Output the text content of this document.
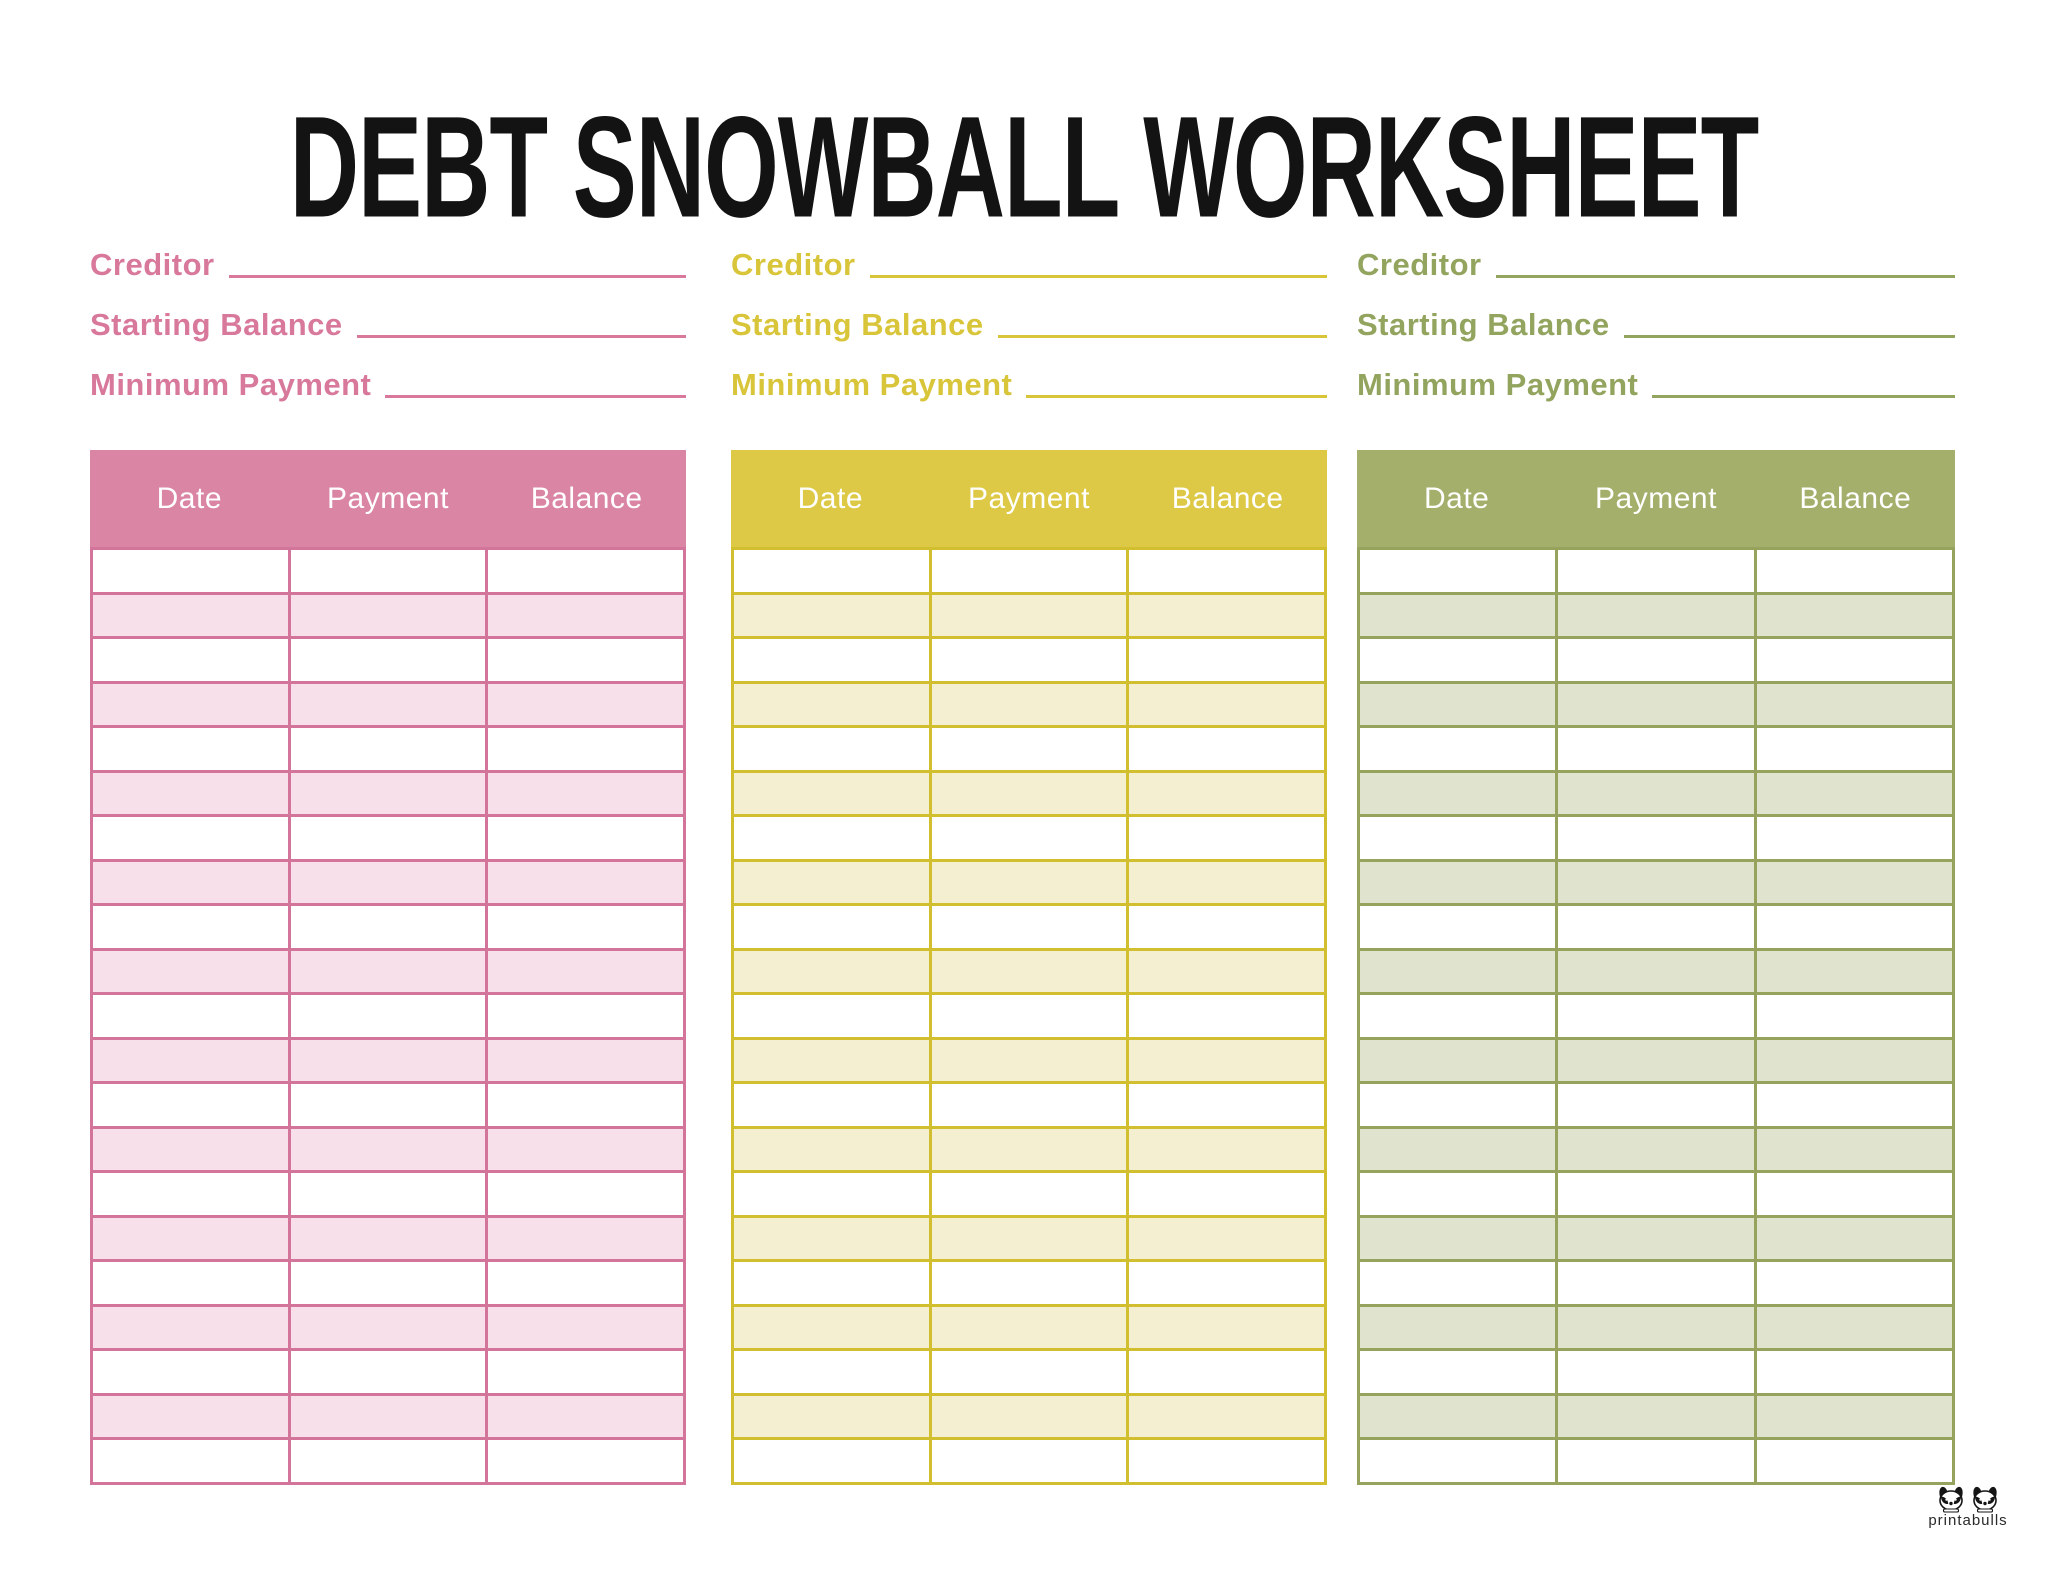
DEBT SNOWBALL WORKSHEET
Creditor
Starting Balance
Minimum Payment
Date	Payment	Balance
Creditor
Starting Balance
Minimum Payment
Date	Payment	Balance
Creditor
Starting Balance
Minimum Payment
Date	Payment	Balance
printabulls
